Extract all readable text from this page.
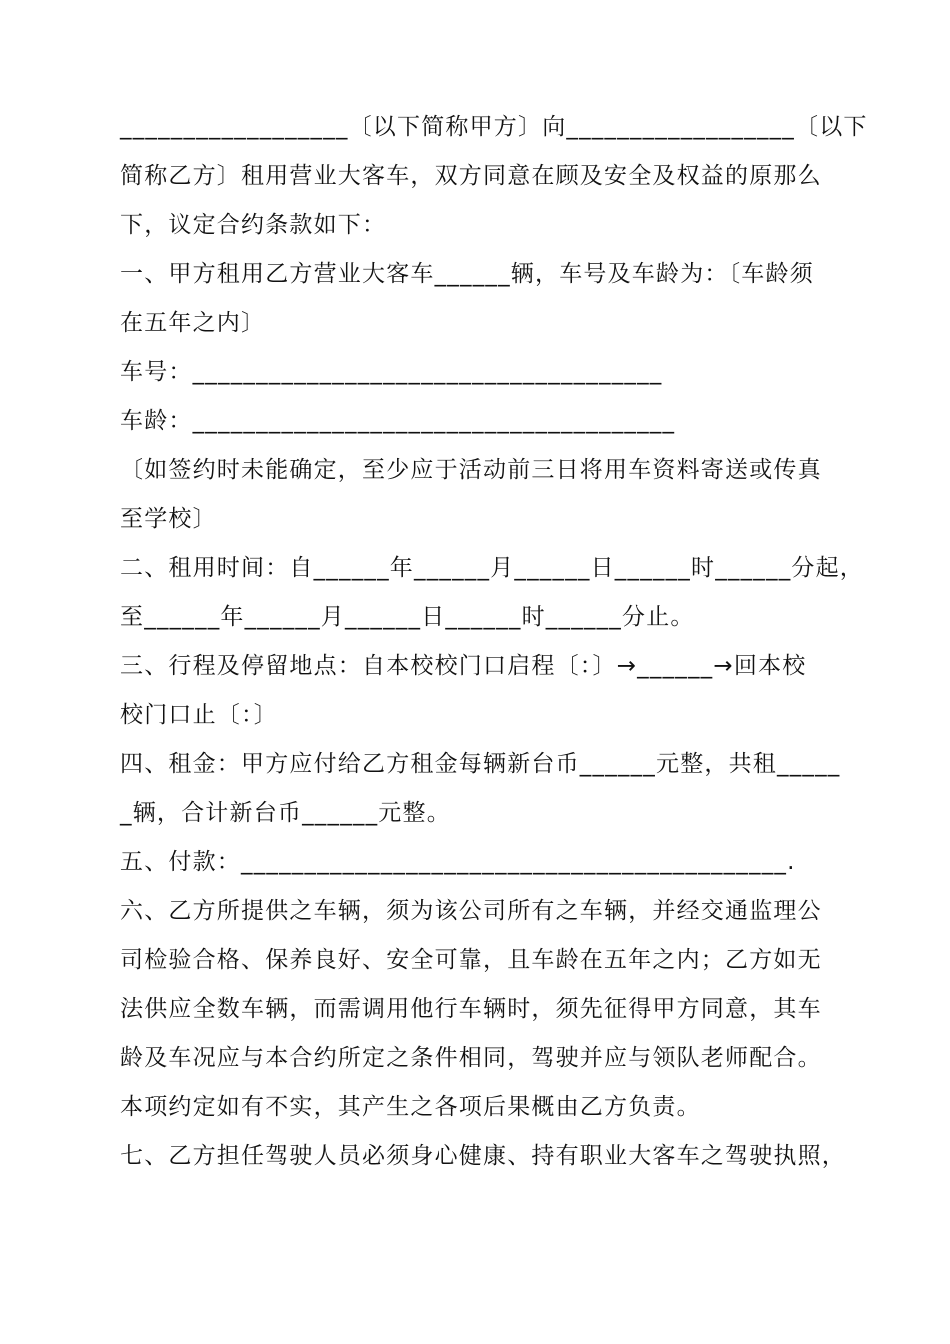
__________________〔以下简称甲方〕向__________________〔以下
简称乙方〕租用营业大客车，双方同意在顾及安全及权益的原那么
下，议定合约条款如下：
一、甲方租用乙方营业大客车______辆，车号及车龄为：〔车龄须
在五年之内〕
车号：_____________________________________
车龄：______________________________________
〔如签约时未能确定，至少应于活动前三日将用车资料寄送或传真
至学校〕
二、租用时间：自______年______月______日______时______分起，
至______年______月______日______时______分止。
三、行程及停留地点：自本校校门口启程〔：〕→______→回本校
校门口止〔：〕
四、租金：甲方应付给乙方租金每辆新台币______元整，共租_____
_辆，合计新台币______元整。
五、付款：___________________________________________.
六、乙方所提供之车辆，须为该公司所有之车辆，并经交通监理公
司检验合格、保养良好、安全可靠，且车龄在五年之内；乙方如无
法供应全数车辆，而需调用他行车辆时，须先征得甲方同意，其车
龄及车况应与本合约所定之条件相同，驾驶并应与领队老师配合。
本项约定如有不实，其产生之各项后果概由乙方负责。
七、乙方担任驾驶人员必须身心健康、持有职业大客车之驾驶执照，
